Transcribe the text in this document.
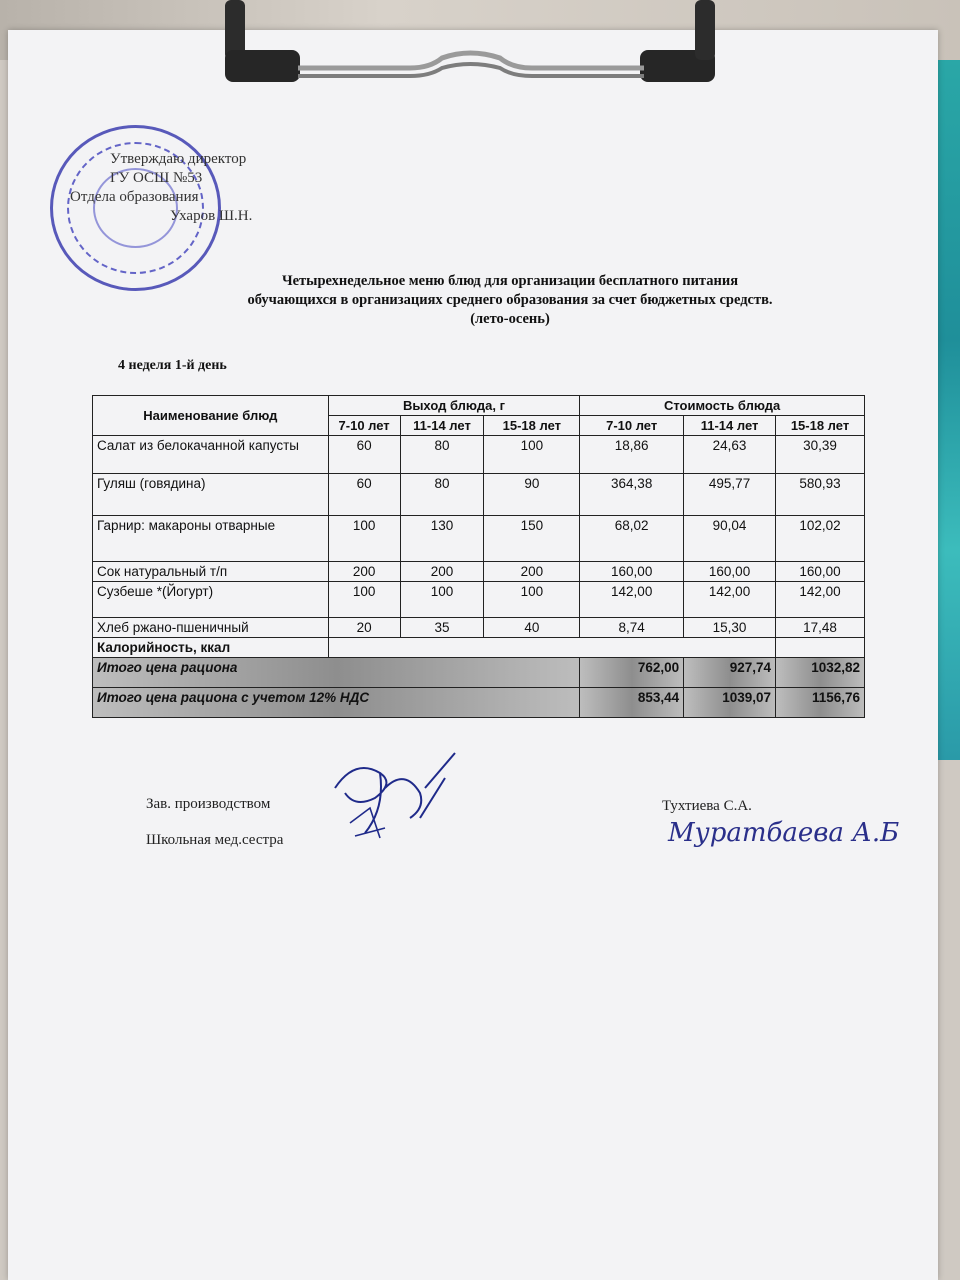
Утверждаю директор
ГУ ОСШ №53
Отдела образования
Ухаров Ш.Н.
Четырехнедельное меню блюд для организации бесплатного питания
обучающихся в организациях среднего образования за счет бюджетных средств.
(лето-осень)
4 неделя 1-й день
Наименование блюд	Выход блюда, г			Стоимость блюда		
	7-10 лет	11-14 лет	15-18 лет	7-10 лет	11-14 лет	15-18 лет
Салат из белокачанной капусты	60	80	100	18,86	24,63	30,39
Гуляш (говядина)	60	80	90	364,38	495,77	580,93
Гарнир: макароны отварные	100	130	150	68,02	90,04	102,02
Сок натуральный т/п	200	200	200	160,00	160,00	160,00
Сузбеше *(Йогурт)	100	100	100	142,00	142,00	142,00
Хлеб ржано-пшеничный	20	35	40	8,74	15,30	17,48
Калорийность, ккал						
Итого цена рациона				762,00	927,74	1032,82
Итого цена рациона с учетом 12% НДС				853,44	1039,07	1156,76
Зав. производством	Тухтиева С.А.
Школьная мед.сестра	Муратбаева А.Б
